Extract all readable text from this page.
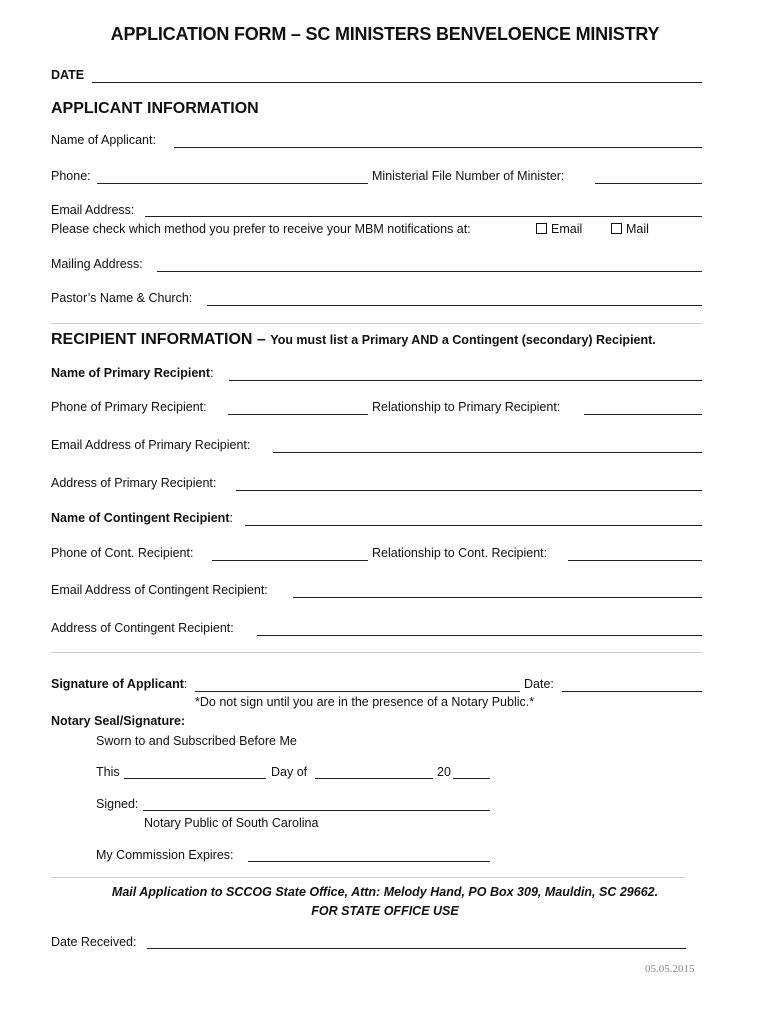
APPLICATION FORM – SC MINISTERS BENVELOENCE MINISTRY
DATE
APPLICANT INFORMATION
Name of Applicant:
Phone:	Ministerial File Number of Minister:
Email Address:
Please check which method you prefer to receive your MBM notifications at:	Email	Mail
Mailing Address:
Pastor’s Name & Church:
RECIPIENT INFORMATION – You must list a Primary AND a Contingent (secondary) Recipient.
Name of Primary Recipient:
Phone of Primary Recipient:	Relationship to Primary Recipient:
Email Address of Primary Recipient:
Address of Primary Recipient:
Name of Contingent Recipient:
Phone of Cont. Recipient:	Relationship to Cont. Recipient:
Email Address of Contingent Recipient:
Address of Contingent Recipient:
Signature of Applicant:	Date:
*Do not sign until you are in the presence of a Notary Public.*
Notary Seal/Signature:
Sworn to and Subscribed Before Me
This	Day of	20
Signed:
Notary Public of South Carolina
My Commission Expires:
Mail Application to SCCOG State Office, Attn: Melody Hand, PO Box 309, Mauldin, SC 29662.
FOR STATE OFFICE USE
Date Received:
05.05.2015
